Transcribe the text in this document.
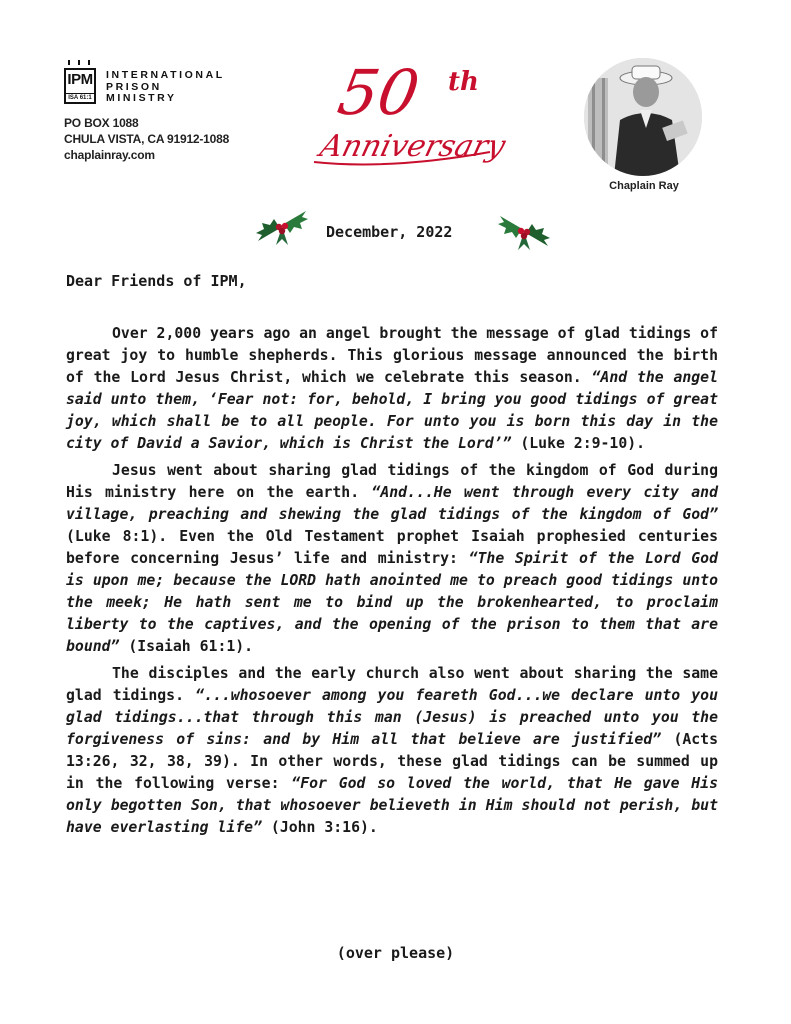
IPM
ISA 61:1
INTERNATIONAL
PRISON
MINISTRY
PO BOX 1088
CHULA VISTA, CA 91912-1088
chaplainray.com
50 th
Anniversary
Chaplain Ray
December, 2022
Dear Friends of IPM,

Over 2,000 years ago an angel brought the message of glad tidings of great joy to humble shepherds. This glorious message announced the birth of the Lord Jesus Christ, which we celebrate this season. “And the angel said unto them, ‘Fear not: for, behold, I bring you good tidings of great joy, which shall be to all people. For unto you is born this day in the city of David a Savior, which is Christ the Lord’” (Luke 2:9-10).

Jesus went about sharing glad tidings of the kingdom of God during His ministry here on the earth. “And...He went through every city and village, preaching and shewing the glad tidings of the kingdom of God” (Luke 8:1). Even the Old Testament prophet Isaiah prophesied centuries before concerning Jesus’ life and ministry: “The Spirit of the Lord God is upon me; because the LORD hath anointed me to preach good tidings unto the meek; He hath sent me to bind up the brokenhearted, to proclaim liberty to the captives, and the opening of the prison to them that are bound” (Isaiah 61:1).

The disciples and the early church also went about sharing the same glad tidings. “...whosoever among you feareth God...we declare unto you glad tidings...that through this man (Jesus) is preached unto you the forgiveness of sins: and by Him all that believe are justified” (Acts 13:26, 32, 38, 39). In other words, these glad tidings can be summed up in the following verse: “For God so loved the world, that He gave His only begotten Son, that whosoever believeth in Him should not perish, but have everlasting life” (John 3:16).

(over please)
